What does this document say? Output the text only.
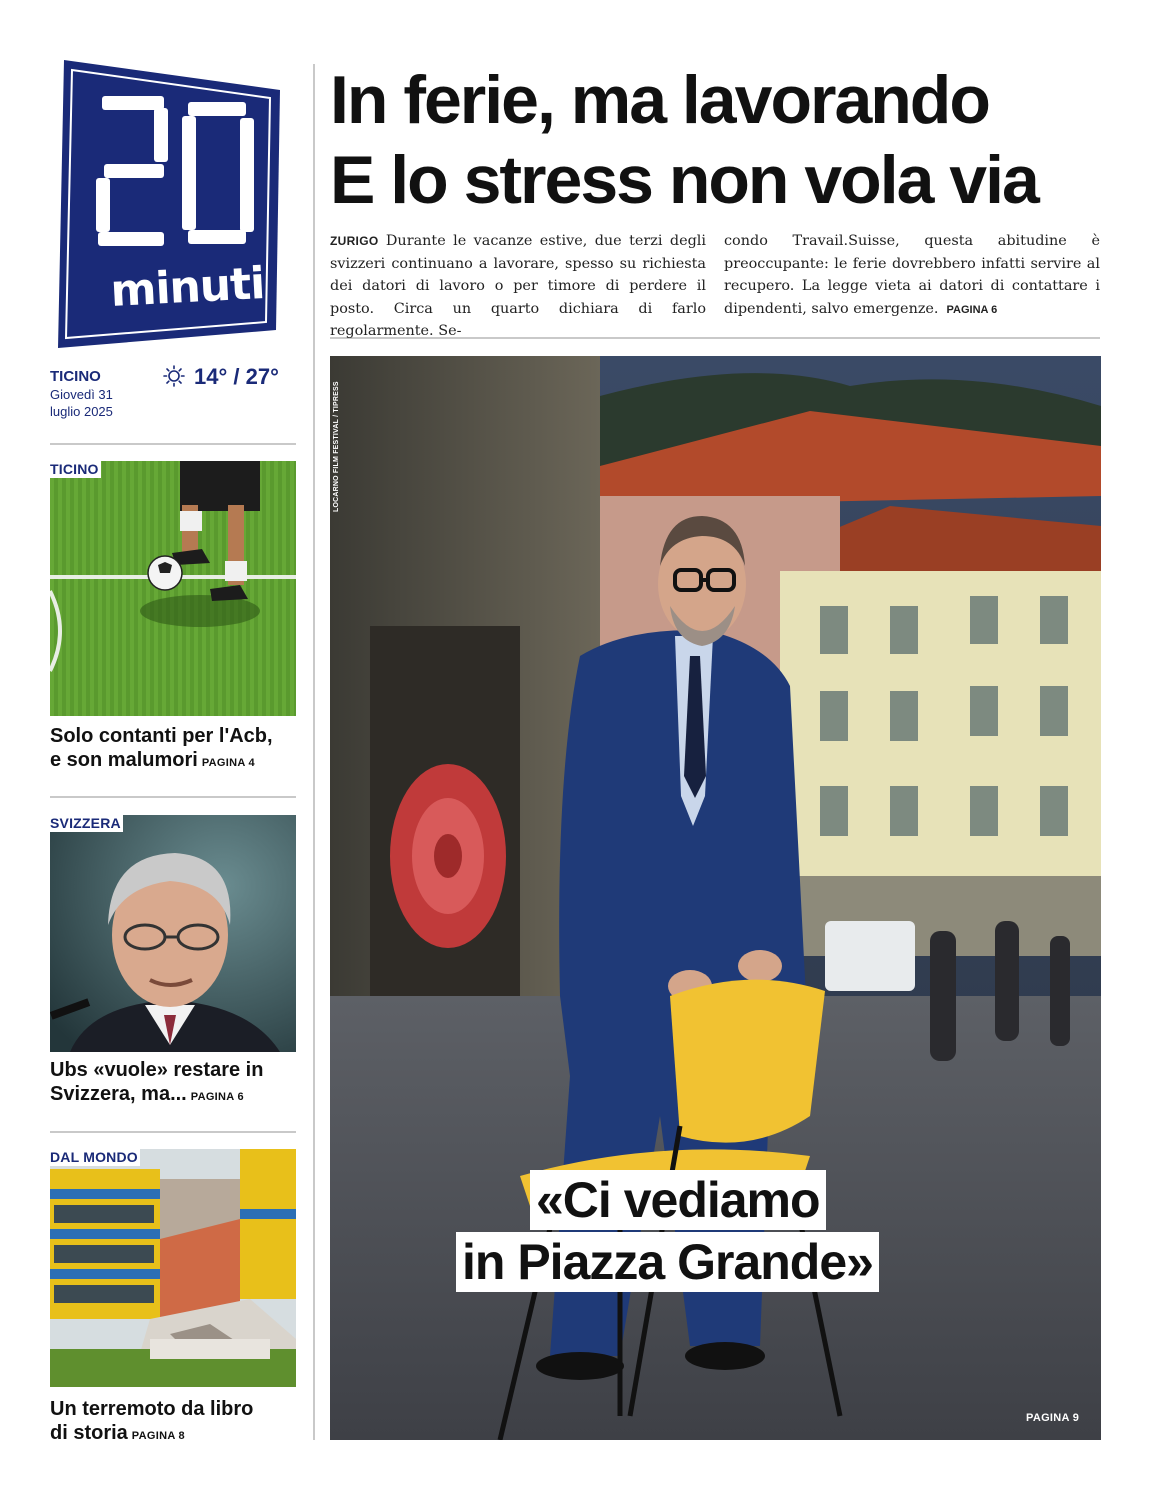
minuti
TICINO
Giovedì 31
luglio 2025
14° / 27°
TICINO
Solo contanti per l'Acb,
e son malumori PAGINA 4
SVIZZERA
Ubs «vuole» restare in
Svizzera, ma... PAGINA 6
DAL MONDO
Un terremoto da libro
di storia PAGINA 8
In ferie, ma lavorando
E lo stress non vola via

ZURIGO Durante le vacanze estive, due terzi degli svizzeri continuano a lavorare, spesso su richiesta dei datori di lavoro o per timore di perdere il posto. Circa un quarto dichiara di farlo regolarmente. Se-

condo Travail.Suisse, questa abitudine è preoccupante: le ferie dovrebbero infatti servire al recupero. La legge vieta ai datori di contattare i dipendenti, salvo emergenze. PAGINA 6

LOCARNO FILM FESTIVAL / TIPRESS
«Ci vediamo
in Piazza Grande»
PAGINA 9
